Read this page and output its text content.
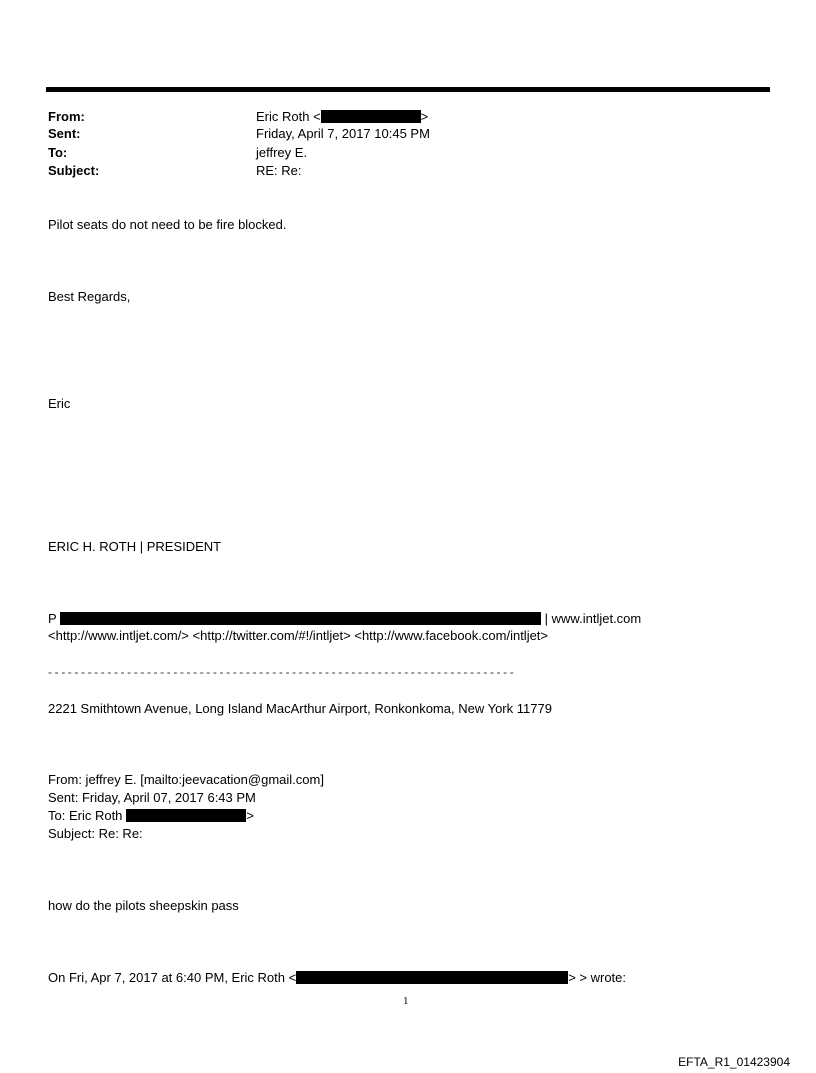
From:	Eric Roth <	>
Sent:	Friday, April 7, 2017 10:45 PM
To:	jeffrey E.
Subject:	RE: Re:
Pilot seats do not need to be fire blocked.
Best Regards,
Eric
ERIC H. ROTH | PRESIDENT
P	| www.intljet.com
<http://www.intljet.com/> <http://twitter.com/#!/intljet> <http://www.facebook.com/intljet>
-----------------------------------------------------------------------
2221 Smithtown Avenue, Long Island MacArthur Airport, Ronkonkoma, New York 11779
From: jeffrey E. [mailto:jeevacation@gmail.com]
Sent: Friday, April 07, 2017 6:43 PM
To: Eric Roth	>
Subject: Re: Re:
how do the pilots sheepskin pass
On Fri, Apr 7, 2017 at 6:40 PM, Eric Roth <	> > wrote:
1
EFTA_R1_01423904
